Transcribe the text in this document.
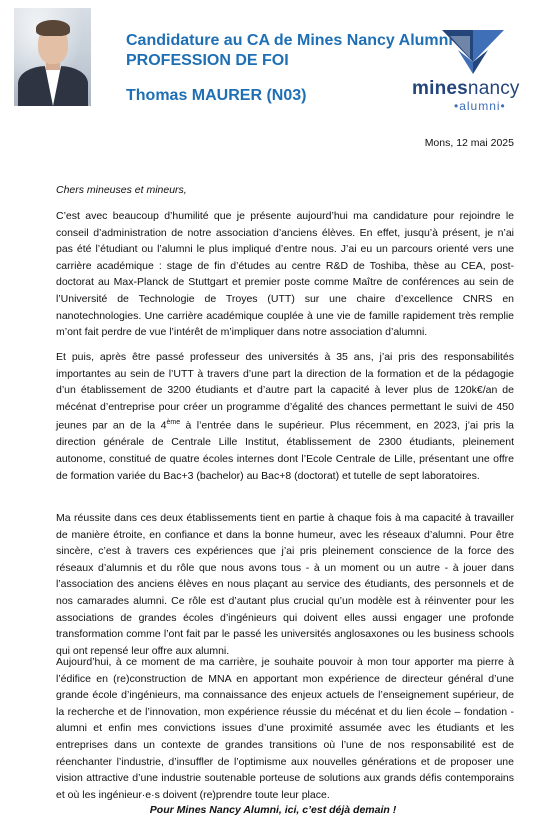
Candidature au CA de Mines Nancy Alumni
PROFESSION DE FOI
Thomas MAURER (N03)	minesnancy
•alumni•
Mons, 12 mai 2025
Chers mineuses et mineurs,

C’est avec beaucoup d’humilité que je présente aujourd’hui ma candidature pour rejoindre le conseil d’administration de notre association d’anciens élèves. En effet, jusqu’à présent, je n’ai pas été l’étudiant ou l’alumni le plus impliqué d’entre nous. J’ai eu un parcours orienté vers une carrière académique : stage de fin d’études au centre R&D de Toshiba, thèse au CEA, post-doctorat au Max-Planck de Stuttgart et premier poste comme Maître de conférences au sein de l’Université de Technologie de Troyes (UTT) sur une chaire d’excellence CNRS en nanotechnologies. Une carrière académique couplée à une vie de famille rapidement très remplie m’ont fait perdre de vue l’intérêt de m’impliquer dans notre association d’alumni.

Et puis, après être passé professeur des universités à 35 ans, j’ai pris des responsabilités importantes au sein de l’UTT à travers d’une part la direction de la formation et de la pédagogie d’un établissement de 3200 étudiants et d’autre part la capacité à lever plus de 120k€/an de mécénat d’entreprise pour créer un programme d’égalité des chances permettant le suivi de 450 jeunes par an de la 4ème à l’entrée dans le supérieur. Plus récemment, en 2023, j’ai pris la direction générale de Centrale Lille Institut, établissement de 2300 étudiants, pleinement autonome, constitué de quatre écoles internes dont l’Ecole Centrale de Lille, présentant une offre de formation variée du Bac+3 (bachelor) au Bac+8 (doctorat) et tutelle de sept laboratoires.

Ma réussite dans ces deux établissements tient en partie à chaque fois à ma capacité à travailler de manière étroite, en confiance et dans la bonne humeur, avec les réseaux d’alumni. Pour être sincère, c’est à travers ces expériences que j’ai pris pleinement conscience de la force des réseaux d’alumnis et du rôle que nous avons tous - à un moment ou un autre - à jouer dans l’association des anciens élèves en nous plaçant au service des étudiants, des personnels et de nos camarades alumni. Ce rôle est d’autant plus crucial qu’un modèle est à réinventer pour les associations de grandes écoles d’ingénieurs qui doivent elles aussi engager une profonde transformation comme l’ont fait par le passé les universités anglosaxones ou les business schools qui ont repensé leur offre aux alumni.

Aujourd’hui, à ce moment de ma carrière, je souhaite pouvoir à mon tour apporter ma pierre à l’édifice en (re)construction de MNA en apportant mon expérience de directeur général d’une grande école d’ingénieurs, ma connaissance des enjeux actuels de l’enseignement supérieur, de la recherche et de l’innovation, mon expérience réussie du mécénat et du lien école – fondation - alumni et enfin mes convictions issues d’une proximité assumée avec les étudiants et les entreprises dans un contexte de grandes transitions où l’une de nos responsabilité est de réenchanter l’industrie, d’insuffler de l’optimisme aux nouvelles générations et de proposer une vision attractive d’une industrie soutenable porteuse de solutions aux grands défis contemporains et où les ingénieur·e·s doivent (re)prendre toute leur place.

Pour Mines Nancy Alumni, ici, c’est déjà demain !
